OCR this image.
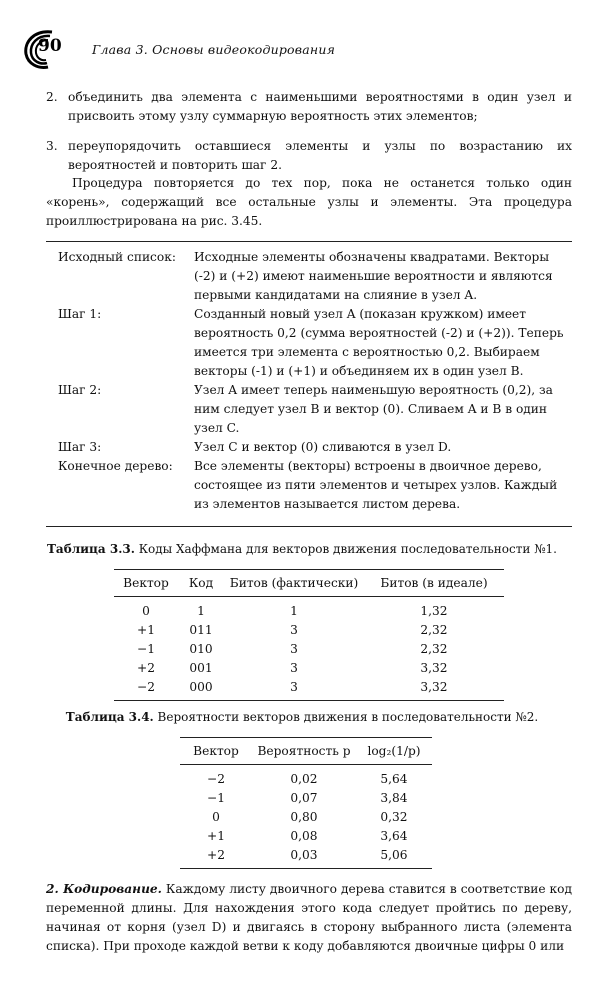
90 Глава 3. Основы видеокодирования
2. объединить два элемента с наименьшими вероятностями в один узел и присвоить этому узлу суммарную вероятность этих элементов;
3. переупорядочить оставшиеся элементы и узлы по возрастанию их вероятностей и повторить шаг 2.
Процедура повторяется до тех пор, пока не останется только один «корень», содержащий все остальные узлы и элементы. Эта процедура проиллюстрирована на рис. 3.45.
Исходный список:	Исходные элементы обозначены квадратами. Векторы (-2) и (+2) имеют наименьшие вероятности и являются первыми кандидатами на слияние в узел A.
Шаг 1:	Созданный новый узел A (показан кружком) имеет вероятность 0,2 (сумма вероятностей (-2) и (+2)). Теперь имеется три элемента с вероятностью 0,2. Выбираем векторы (-1) и (+1) и объединяем их в один узел B.
Шаг 2:	Узел A имеет теперь наименьшую вероятность (0,2), за ним следует узел B и вектор (0). Сливаем A и B в один узел C.
Шаг 3:	Узел C и вектор (0) сливаются в узел D.
Конечное дерево:	Все элементы (векторы) встроены в двоичное дерево, состоящее из пяти элементов и четырех узлов. Каждый из элементов называется листом дерева.
Таблица 3.3. Коды Хаффмана для векторов движения последовательности №1.
Вектор	Код	Битов (фактически)	Битов (в идеале)
0	1	1	1,32
+1	011	3	2,32
−1	010	3	2,32
+2	001	3	3,32
−2	000	3	3,32
Таблица 3.4. Вероятности векторов движения в последовательности №2.
Вектор	Вероятность p	log₂(1/p)
−2	0,02	5,64
−1	0,07	3,84
0	0,80	0,32
+1	0,08	3,64
+2	0,03	5,06
2. Кодирование. Каждому листу двоичного дерева ставится в соответствие код переменной длины. Для нахождения этого кода следует пройтись по дереву, начиная от корня (узел D) и двигаясь в сторону выбранного листа (элемента списка). При проходе каждой ветви к коду добавляются двоичные цифры 0 или
